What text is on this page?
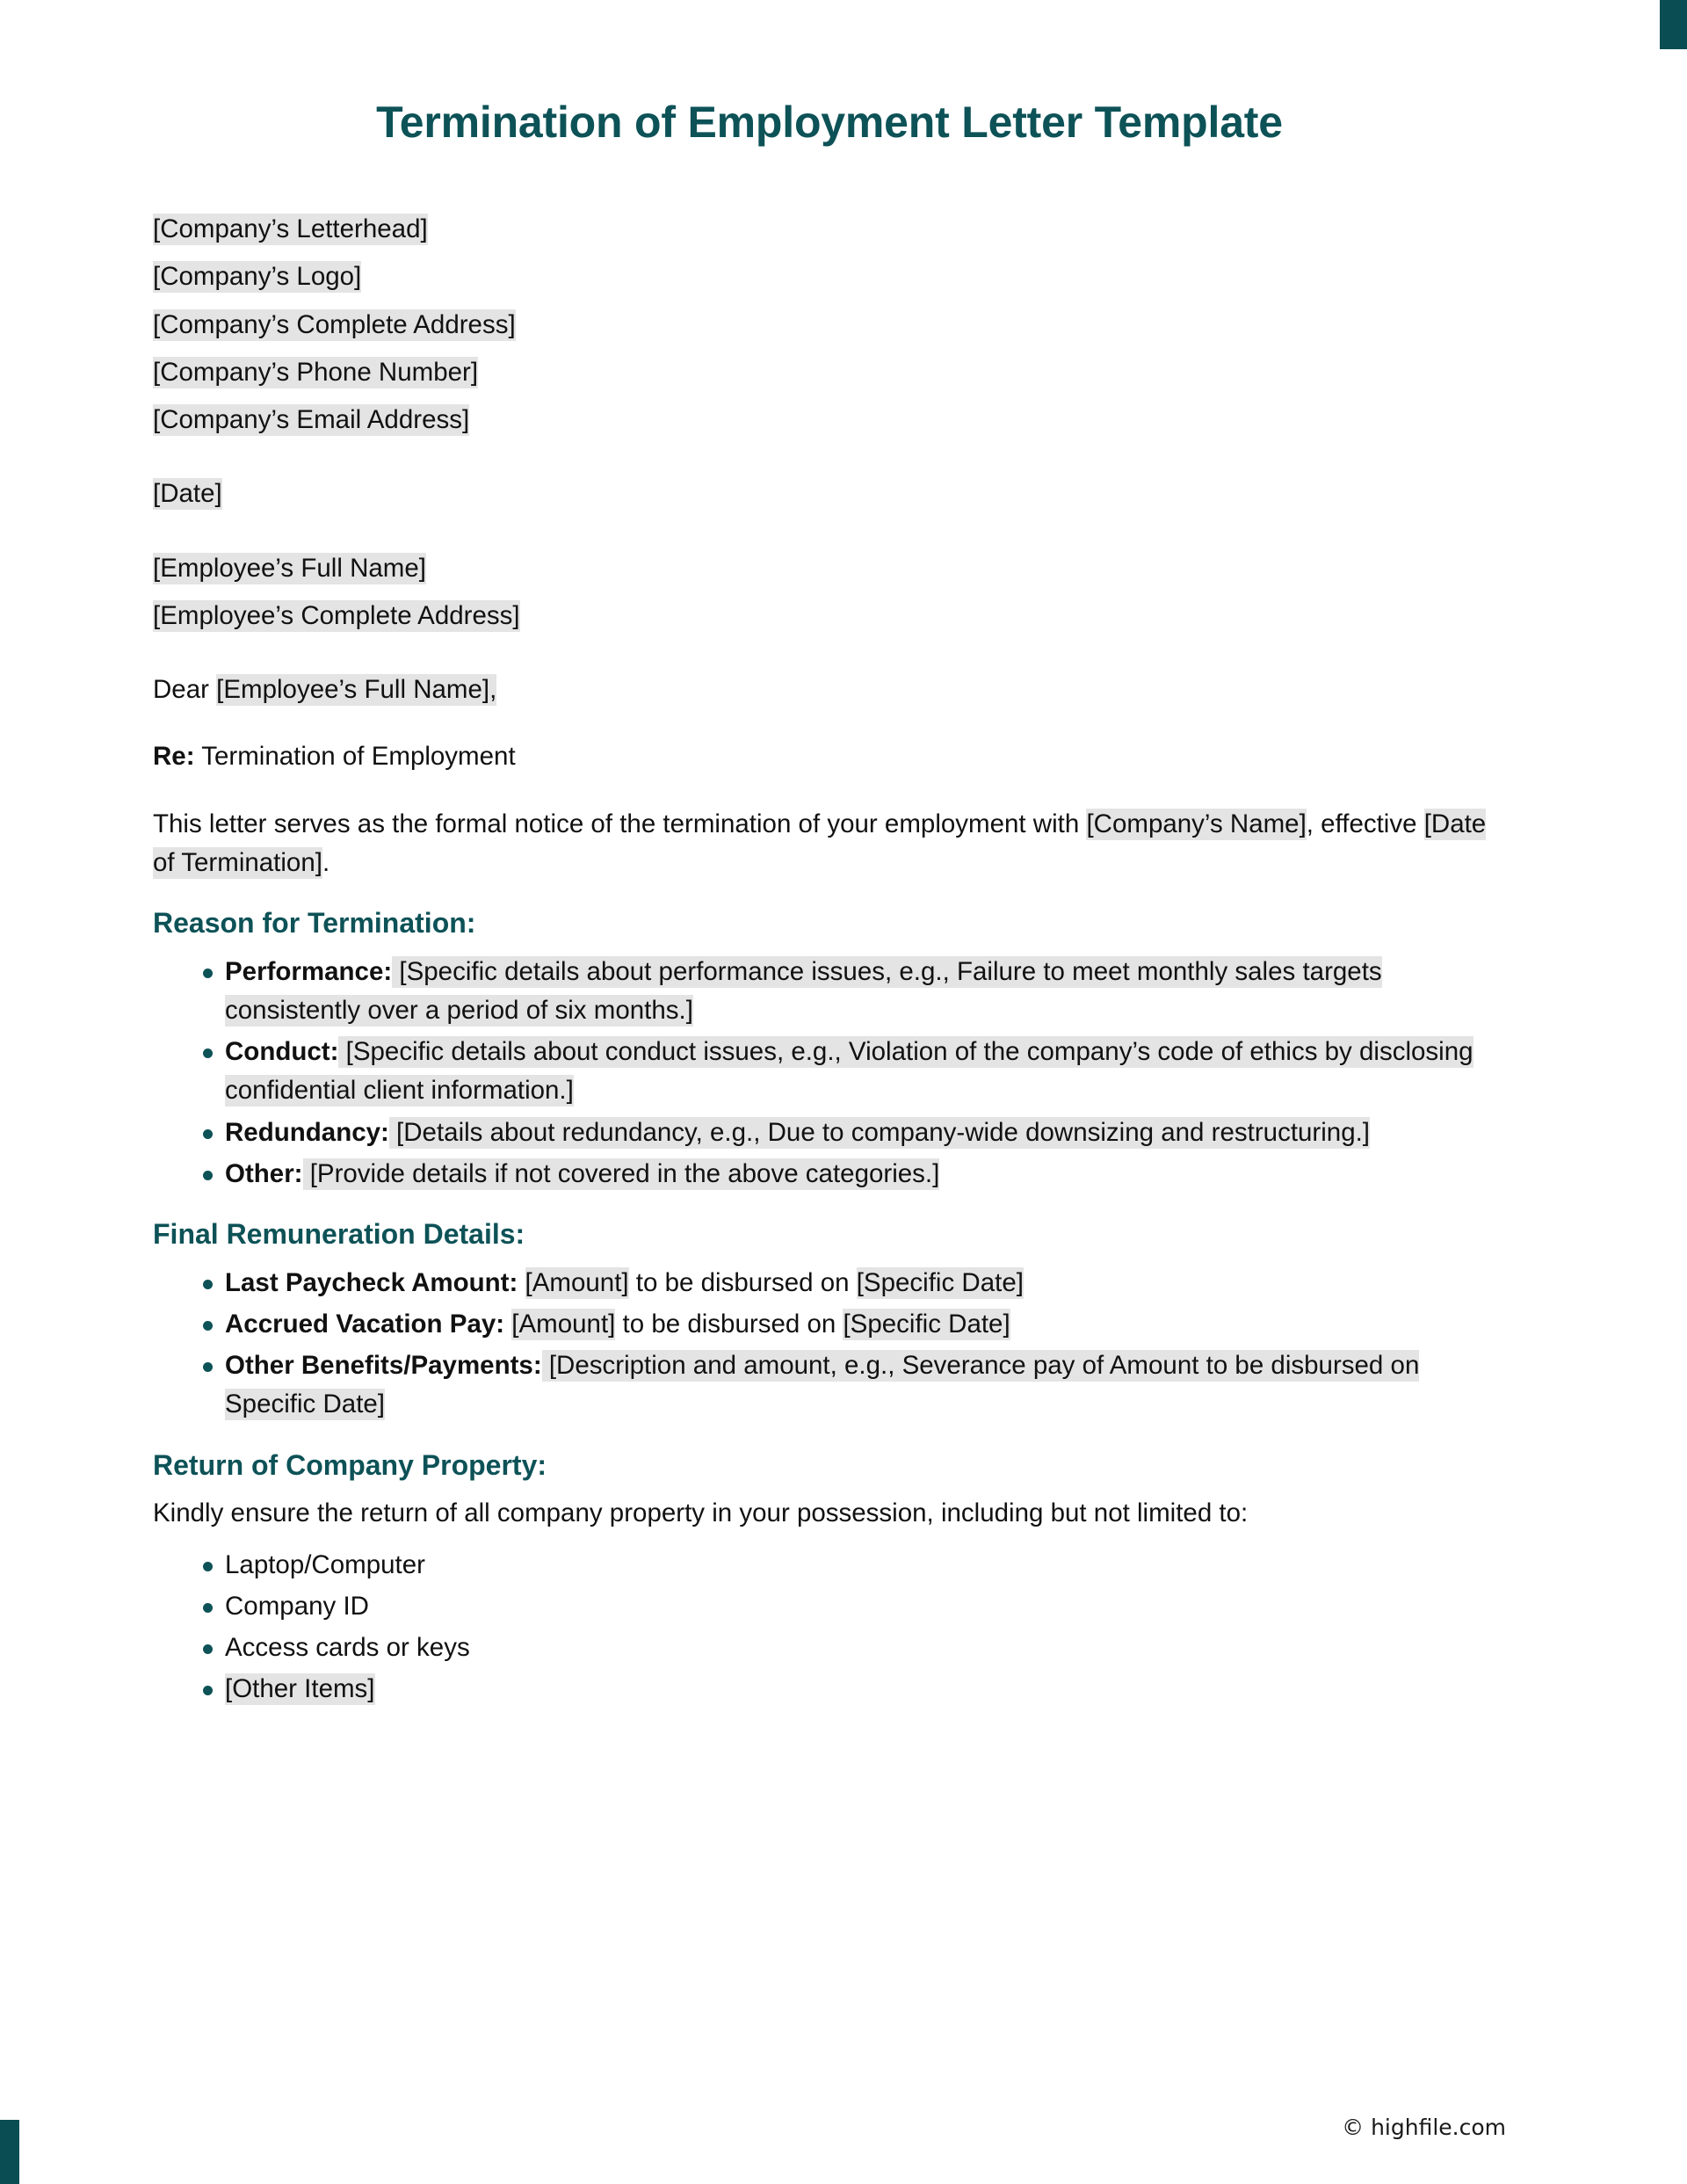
Termination of Employment Letter Template

[Company’s Letterhead]

[Company’s Logo]

[Company’s Complete Address]

[Company’s Phone Number]

[Company’s Email Address]

[Date]

[Employee’s Full Name]

[Employee’s Complete Address]

Dear [Employee’s Full Name],

Re: Termination of Employment

This letter serves as the formal notice of the termination of your employment with [Company’s Name], effective [Date of Termination].

Reason for Termination:
Performance: [Specific details about performance issues, e.g., Failure to meet monthly sales targets consistently over a period of six months.]
Conduct: [Specific details about conduct issues, e.g., Violation of the company’s code of ethics by disclosing confidential client information.]
Redundancy: [Details about redundancy, e.g., Due to company-wide downsizing and restructuring.]
Other: [Provide details if not covered in the above categories.]
Final Remuneration Details:
Last Paycheck Amount: [Amount] to be disbursed on [Specific Date]
Accrued Vacation Pay: [Amount] to be disbursed on [Specific Date]
Other Benefits/Payments: [Description and amount, e.g., Severance pay of Amount to be disbursed on Specific Date]
Return of Company Property:

Kindly ensure the return of all company property in your possession, including but not limited to:

Laptop/Computer
Company ID
Access cards or keys
[Other Items]
© highfile.com
